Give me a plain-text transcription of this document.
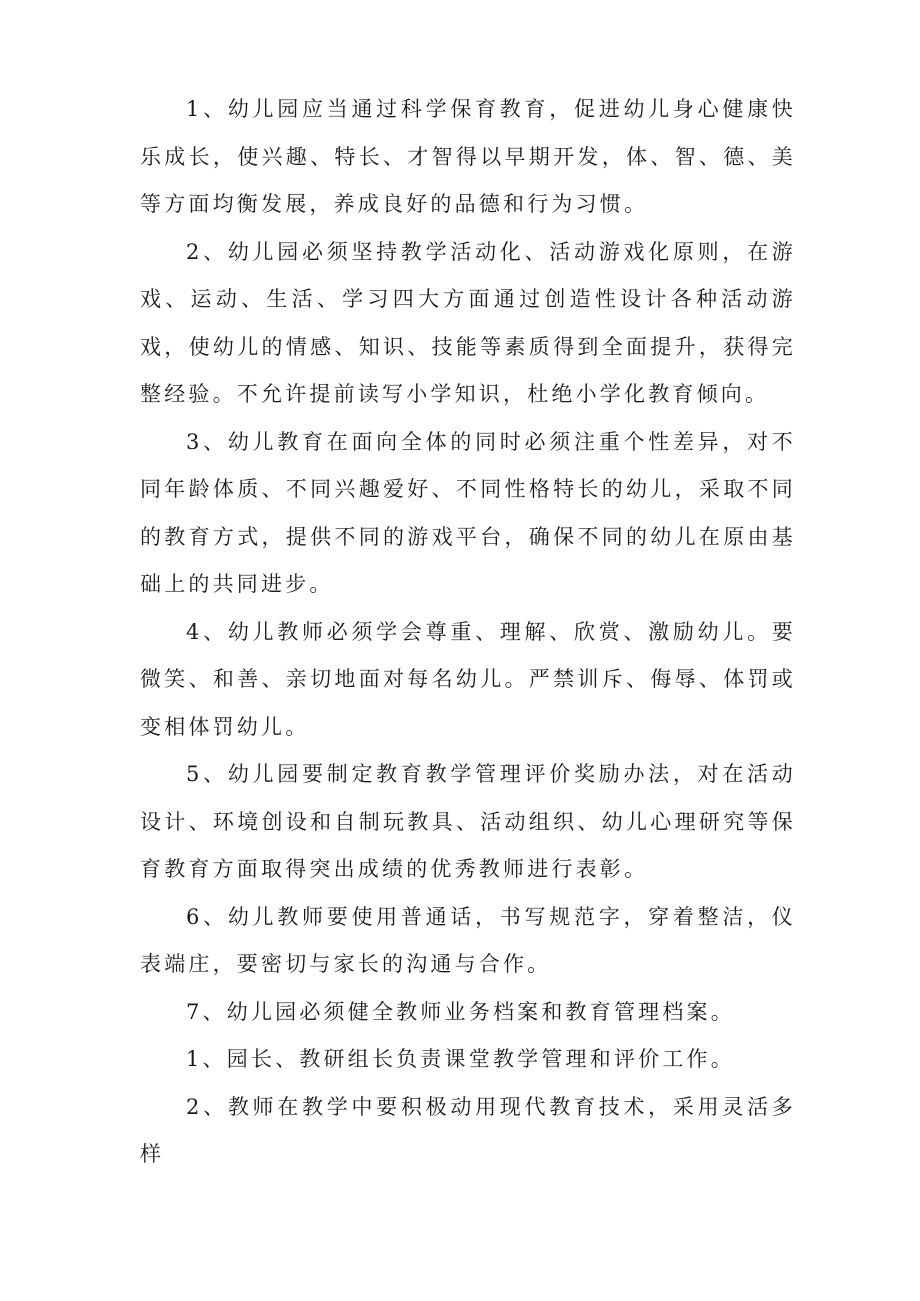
1、幼儿园应当通过科学保育教育，促进幼儿身心健康快乐成长，使兴趣、特长、才智得以早期开发，体、智、德、美等方面均衡发展，养成良好的品德和行为习惯。

2、幼儿园必须坚持教学活动化、活动游戏化原则，在游戏、运动、生活、学习四大方面通过创造性设计各种活动游戏，使幼儿的情感、知识、技能等素质得到全面提升，获得完整经验。不允许提前读写小学知识，杜绝小学化教育倾向。

3、幼儿教育在面向全体的同时必须注重个性差异，对不同年龄体质、不同兴趣爱好、不同性格特长的幼儿，采取不同的教育方式，提供不同的游戏平台，确保不同的幼儿在原由基础上的共同进步。

4、幼儿教师必须学会尊重、理解、欣赏、激励幼儿。要微笑、和善、亲切地面对每名幼儿。严禁训斥、侮辱、体罚或变相体罚幼儿。

5、幼儿园要制定教育教学管理评价奖励办法，对在活动设计、环境创设和自制玩教具、活动组织、幼儿心理研究等保育教育方面取得突出成绩的优秀教师进行表彰。

6、幼儿教师要使用普通话，书写规范字，穿着整洁，仪表端庄，要密切与家长的沟通与合作。

7、幼儿园必须健全教师业务档案和教育管理档案。

1、园长、教研组长负责课堂教学管理和评价工作。

2、教师在教学中要积极动用现代教育技术，采用灵活多样
